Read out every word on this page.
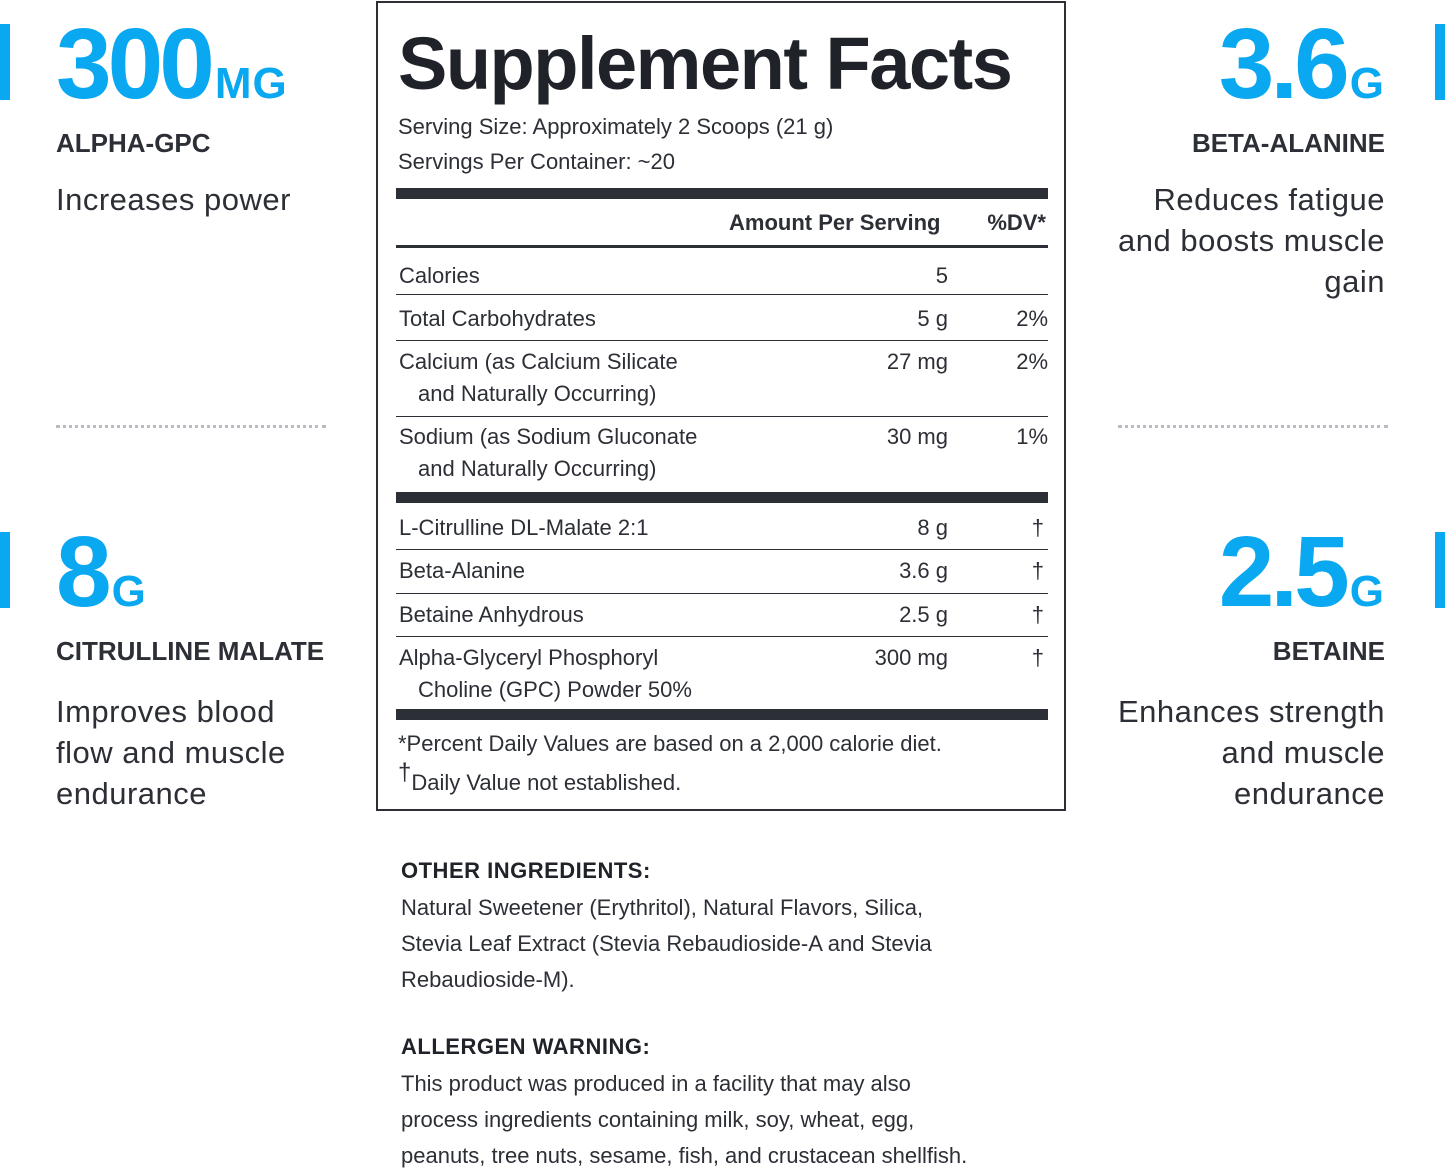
300MG
ALPHA-GPC
Increases power
8G
CITRULLINE MALATE
Improves blood flow and muscle endurance
3.6G
BETA-ALANINE
Reduces fatigue and boosts muscle gain
2.5G
BETAINE
Enhances strength and muscle endurance
Supplement Facts
Serving Size: Approximately 2 Scoops (21 g)
Servings Per Container: ~20
Amount Per Serving %DV*
Calories	5
Total Carbohydrates	5 g	2%
Calcium (as Calcium Silicate
and Naturally Occurring)
27 mg	2%
Sodium (as Sodium Gluconate
and Naturally Occurring)
30 mg	1%
L-Citrulline DL-Malate 2:1	8 g	†
Beta-Alanine	3.6 g	†
Betaine Anhydrous	2.5 g	†
Alpha-Glyceryl Phosphoryl
Choline (GPC) Powder 50%
300 mg	†
*Percent Daily Values are based on a 2,000 calorie diet.
†Daily Value not established.
OTHER INGREDIENTS:

Natural Sweetener (Erythritol), Natural Flavors, Silica,
Stevia Leaf Extract (Stevia Rebaudioside-A and Stevia
Rebaudioside-M).

ALLERGEN WARNING:

This product was produced in a facility that may also
process ingredients containing milk, soy, wheat, egg,
peanuts, tree nuts, sesame, fish, and crustacean shellfish.
